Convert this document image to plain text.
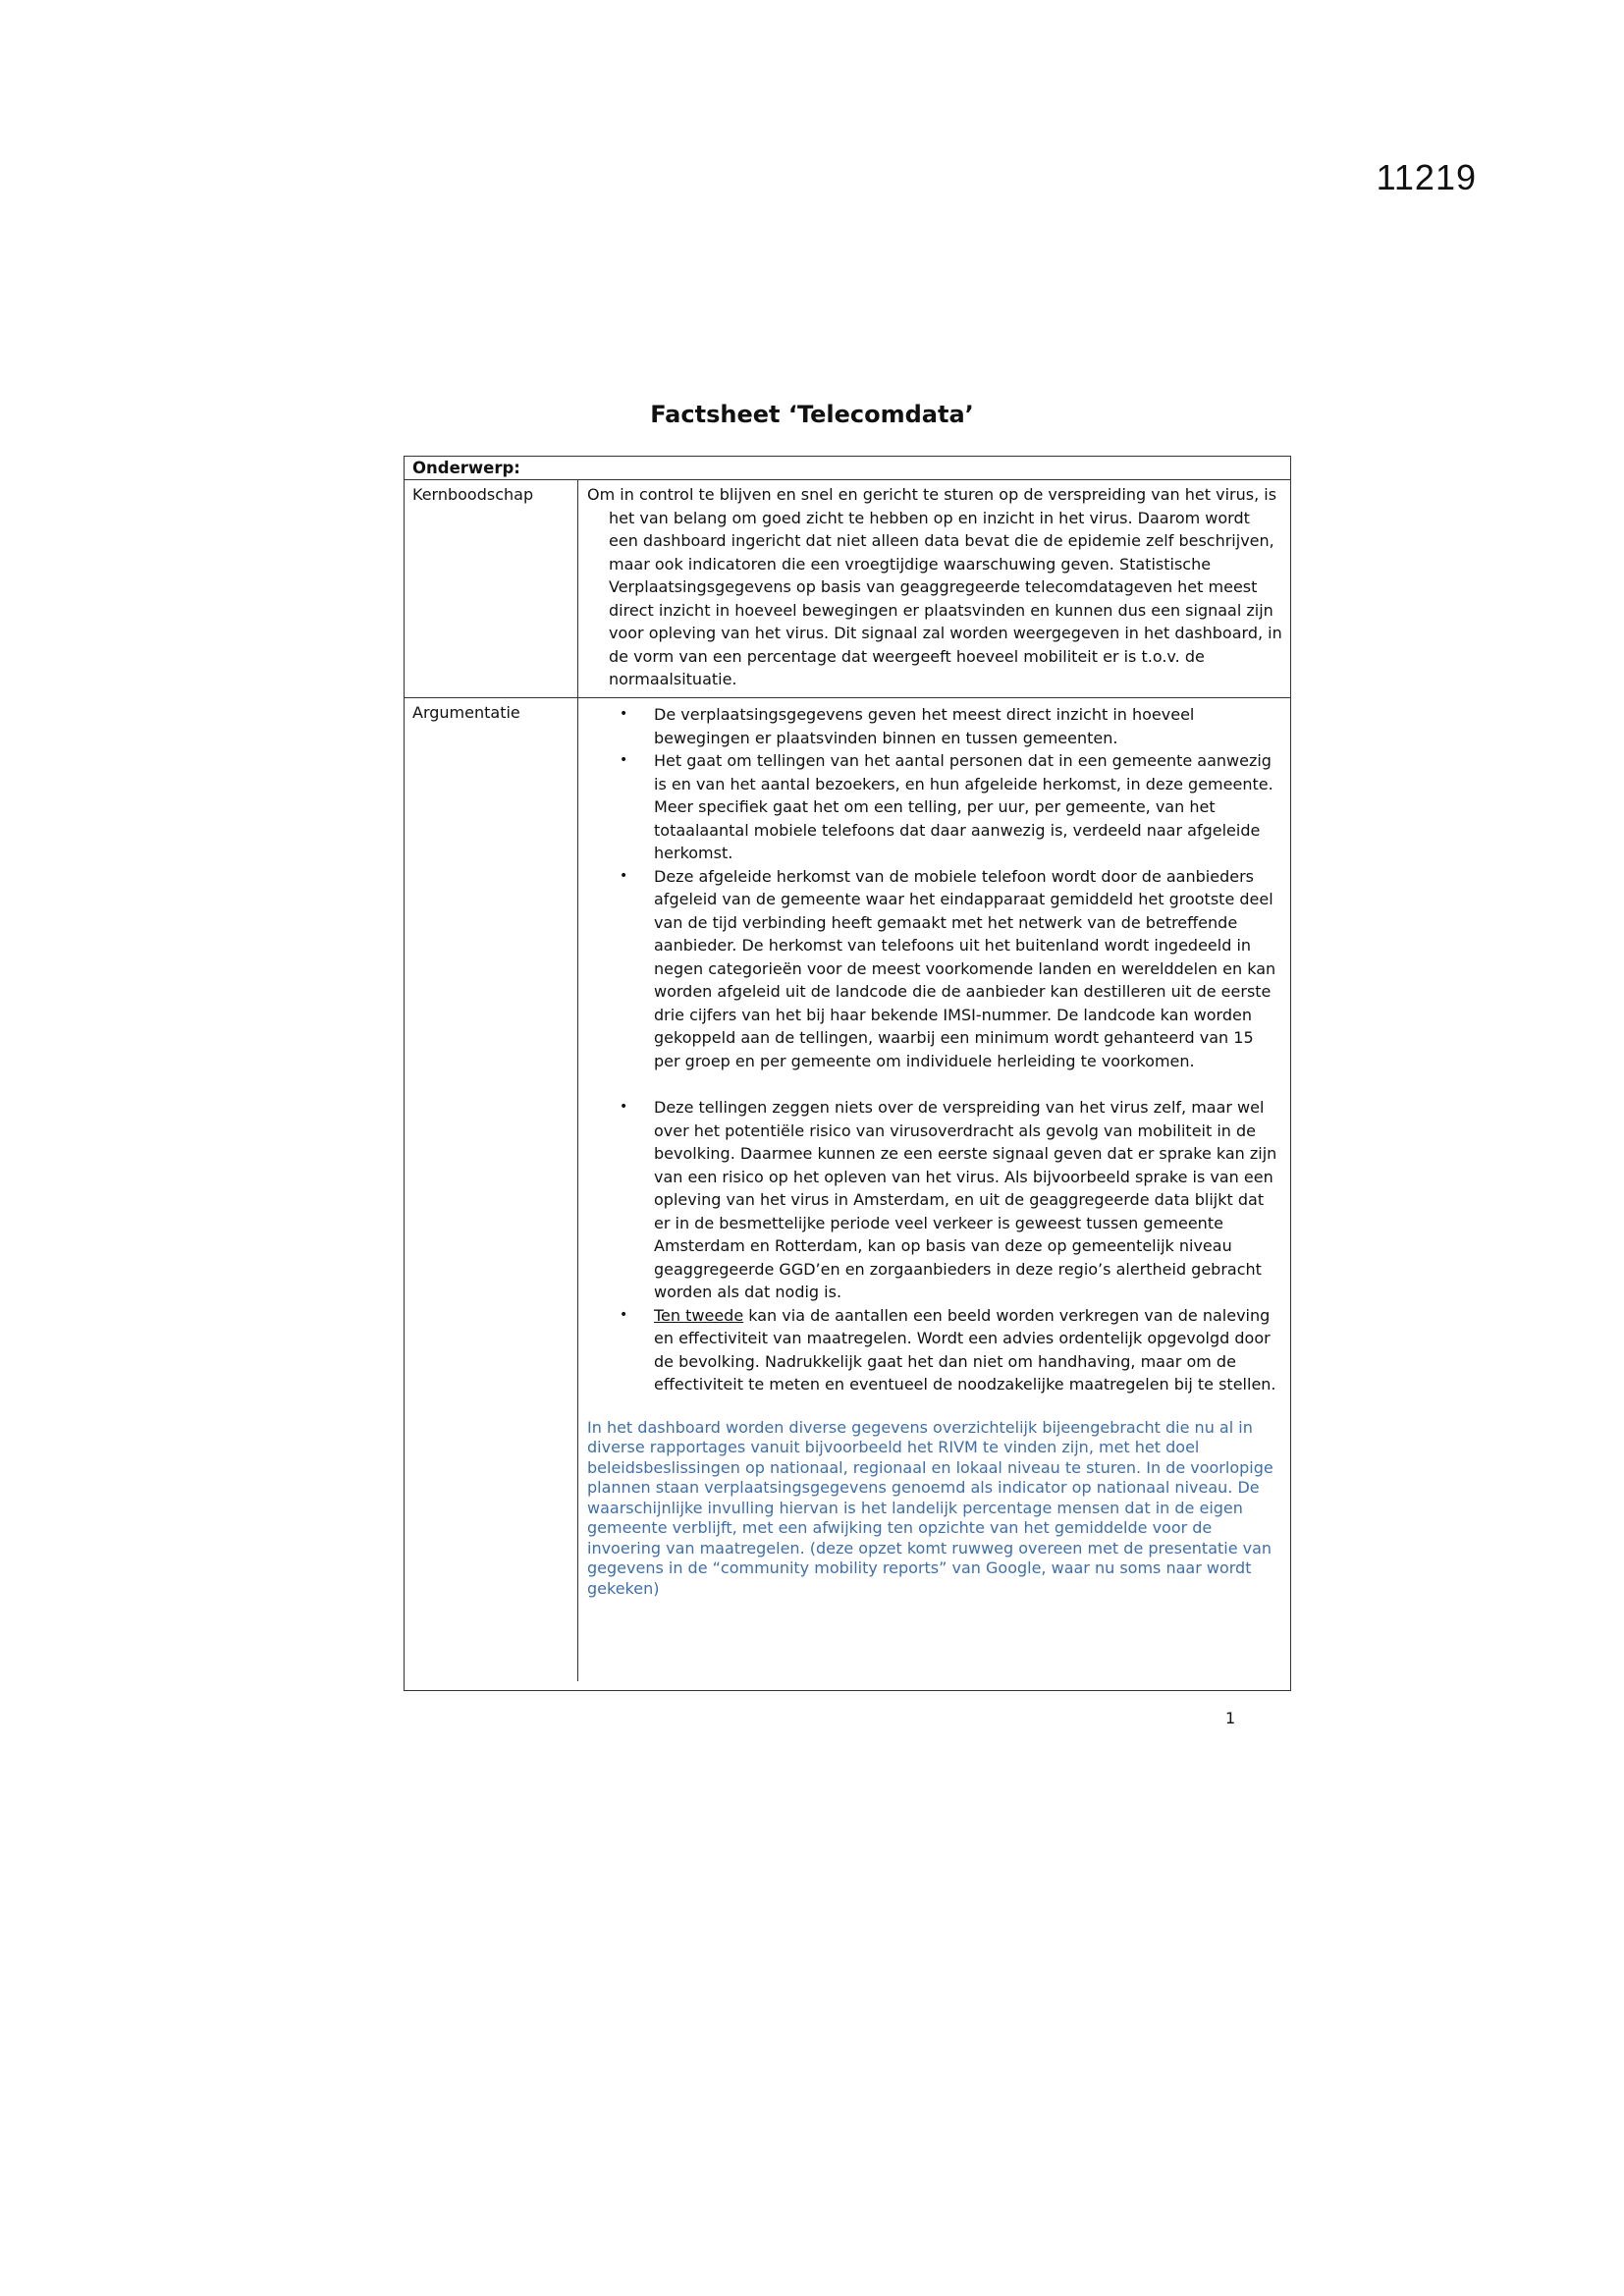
11219
Factsheet ‘Telecomdata’
Onderwerp:
Kernboodschap	Om in control te blijven en snel en gericht te sturen op de verspreiding van het virus, is het van belang om goed zicht te hebben op en inzicht in het virus. Daarom wordt een dashboard ingericht dat niet alleen data bevat die de epidemie zelf beschrijven, maar ook indicatoren die een vroegtijdige waarschuwing geven. Statistische Verplaatsingsgegevens op basis van geaggregeerde telecomdatageven het meest direct inzicht in hoeveel bewegingen er plaatsvinden en kunnen dus een signaal zijn voor opleving van het virus. Dit signaal zal worden weergegeven in het dashboard, in de vorm van een percentage dat weergeeft hoeveel mobiliteit er is t.o.v. de normaalsituatie.

Argumentatie	• De verplaatsingsgegevens geven het meest direct inzicht in hoeveel bewegingen er plaatsvinden binnen en tussen gemeenten.
• Het gaat om tellingen van het aantal personen dat in een gemeente aanwezig is en van het aantal bezoekers, en hun afgeleide herkomst, in deze gemeente. Meer specifiek gaat het om een telling, per uur, per gemeente, van het totaalaantal mobiele telefoons dat daar aanwezig is, verdeeld naar afgeleide herkomst.
• Deze afgeleide herkomst van de mobiele telefoon wordt door de aanbieders afgeleid van de gemeente waar het eindapparaat gemiddeld het grootste deel van de tijd verbinding heeft gemaakt met het netwerk van de betreffende aanbieder. De herkomst van telefoons uit het buitenland wordt ingedeeld in negen categorieën voor de meest voorkomende landen en werelddelen en kan worden afgeleid uit de landcode die de aanbieder kan destilleren uit de eerste drie cijfers van het bij haar bekende IMSI-nummer. De landcode kan worden gekoppeld aan de tellingen, waarbij een minimum wordt gehanteerd van 15 per groep en per gemeente om individuele herleiding te voorkomen.
• Deze tellingen zeggen niets over de verspreiding van het virus zelf, maar wel over het potentiële risico van virusoverdracht als gevolg van mobiliteit in de bevolking. Daarmee kunnen ze een eerste signaal geven dat er sprake kan zijn van een risico op het opleven van het virus. Als bijvoorbeeld sprake is van een opleving van het virus in Amsterdam, en uit de geaggregeerde data blijkt dat er in de besmettelijke periode veel verkeer is geweest tussen gemeente Amsterdam en Rotterdam, kan op basis van deze op gemeentelijk niveau geaggregeerde GGD’en en zorgaanbieders in deze regio’s alertheid gebracht worden als dat nodig is.
• Ten tweede kan via de aantallen een beeld worden verkregen van de naleving en effectiviteit van maatregelen. Wordt een advies ordentelijk opgevolgd door de bevolking. Nadrukkelijk gaat het dan niet om handhaving, maar om de effectiviteit te meten en eventueel de noodzakelijke maatregelen bij te stellen.

In het dashboard worden diverse gegevens overzichtelijk bijeengebracht die nu al in diverse rapportages vanuit bijvoorbeeld het RIVM te vinden zijn, met het doel beleidsbeslissingen op nationaal, regionaal en lokaal niveau te sturen. In de voorlopige plannen staan verplaatsingsgegevens genoemd als indicator op nationaal niveau. De waarschijnlijke invulling hiervan is het landelijk percentage mensen dat in de eigen gemeente verblijft, met een afwijking ten opzichte van het gemiddelde voor de invoering van maatregelen. (deze opzet komt ruwweg overeen met de presentatie van gegevens in de “community mobility reports” van Google, waar nu soms naar wordt gekeken)

1
